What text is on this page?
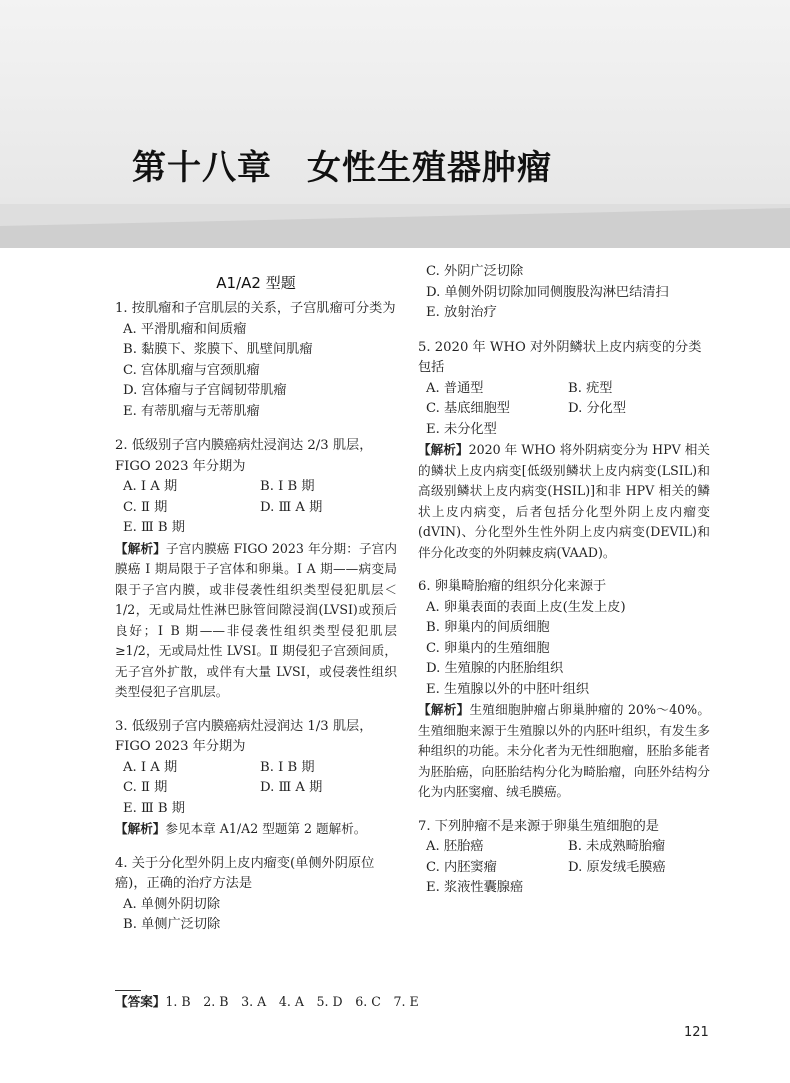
第十八章　女性生殖器肿瘤
A1/A2 型题
1. 按肌瘤和子宫肌层的关系，子宫肌瘤可分类为
A. 平滑肌瘤和间质瘤
B. 黏膜下、浆膜下、肌壁间肌瘤
C. 宫体肌瘤与宫颈肌瘤
D. 宫体瘤与子宫阔韧带肌瘤
E. 有蒂肌瘤与无蒂肌瘤
2. 低级别子宫内膜癌病灶浸润达 2/3 肌层，FIGO 2023 年分期为
A. Ⅰ A 期	B. Ⅰ B 期
C. Ⅱ 期	D. Ⅲ A 期
E. Ⅲ B 期
【解析】子宫内膜癌 FIGO 2023 年分期：子宫内膜癌 Ⅰ 期局限于子宫体和卵巢。Ⅰ A 期——病变局限于子宫内膜，或非侵袭性组织类型侵犯肌层＜1/2，无或局灶性淋巴脉管间隙浸润(LVSI)或预后良好；Ⅰ B 期——非侵袭性组织类型侵犯肌层≥1/2，无或局灶性 LVSI。Ⅱ 期侵犯子宫颈间质，无子宫外扩散，或伴有大量 LVSI，或侵袭性组织类型侵犯子宫肌层。
3. 低级别子宫内膜癌病灶浸润达 1/3 肌层，FIGO 2023 年分期为
A. Ⅰ A 期	B. Ⅰ B 期
C. Ⅱ 期	D. Ⅲ A 期
E. Ⅲ B 期
【解析】参见本章 A1/A2 型题第 2 题解析。
4. 关于分化型外阴上皮内瘤变(单侧外阴原位癌)，正确的治疗方法是
A. 单侧外阴切除
B. 单侧广泛切除
C. 外阴广泛切除
D. 单侧外阴切除加同侧腹股沟淋巴结清扫
E. 放射治疗
5. 2020 年 WHO 对外阴鳞状上皮内病变的分类包括
A. 普通型	B. 疣型
C. 基底细胞型	D. 分化型
E. 未分化型
【解析】2020 年 WHO 将外阴病变分为 HPV 相关的鳞状上皮内病变[低级别鳞状上皮内病变(LSIL)和高级别鳞状上皮内病变(HSIL)]和非 HPV 相关的鳞状上皮内病变，后者包括分化型外阴上皮内瘤变(dVIN)、分化型外生性外阴上皮内病变(DEVIL)和伴分化改变的外阴棘皮病(VAAD)。
6. 卵巢畸胎瘤的组织分化来源于
A. 卵巢表面的表面上皮(生发上皮)
B. 卵巢内的间质细胞
C. 卵巢内的生殖细胞
D. 生殖腺的内胚胎组织
E. 生殖腺以外的中胚叶组织
【解析】生殖细胞肿瘤占卵巢肿瘤的 20%～40%。生殖细胞来源于生殖腺以外的内胚叶组织，有发生多种组织的功能。未分化者为无性细胞瘤，胚胎多能者为胚胎癌，向胚胎结构分化为畸胎瘤，向胚外结构分化为内胚窦瘤、绒毛膜癌。
7. 下列肿瘤不是来源于卵巢生殖细胞的是
A. 胚胎癌	B. 未成熟畸胎瘤
C. 内胚窦瘤	D. 原发绒毛膜癌
E. 浆液性囊腺癌
【答案】1. B　2. B　3. A　4. A　5. D　6. C　7. E
121
